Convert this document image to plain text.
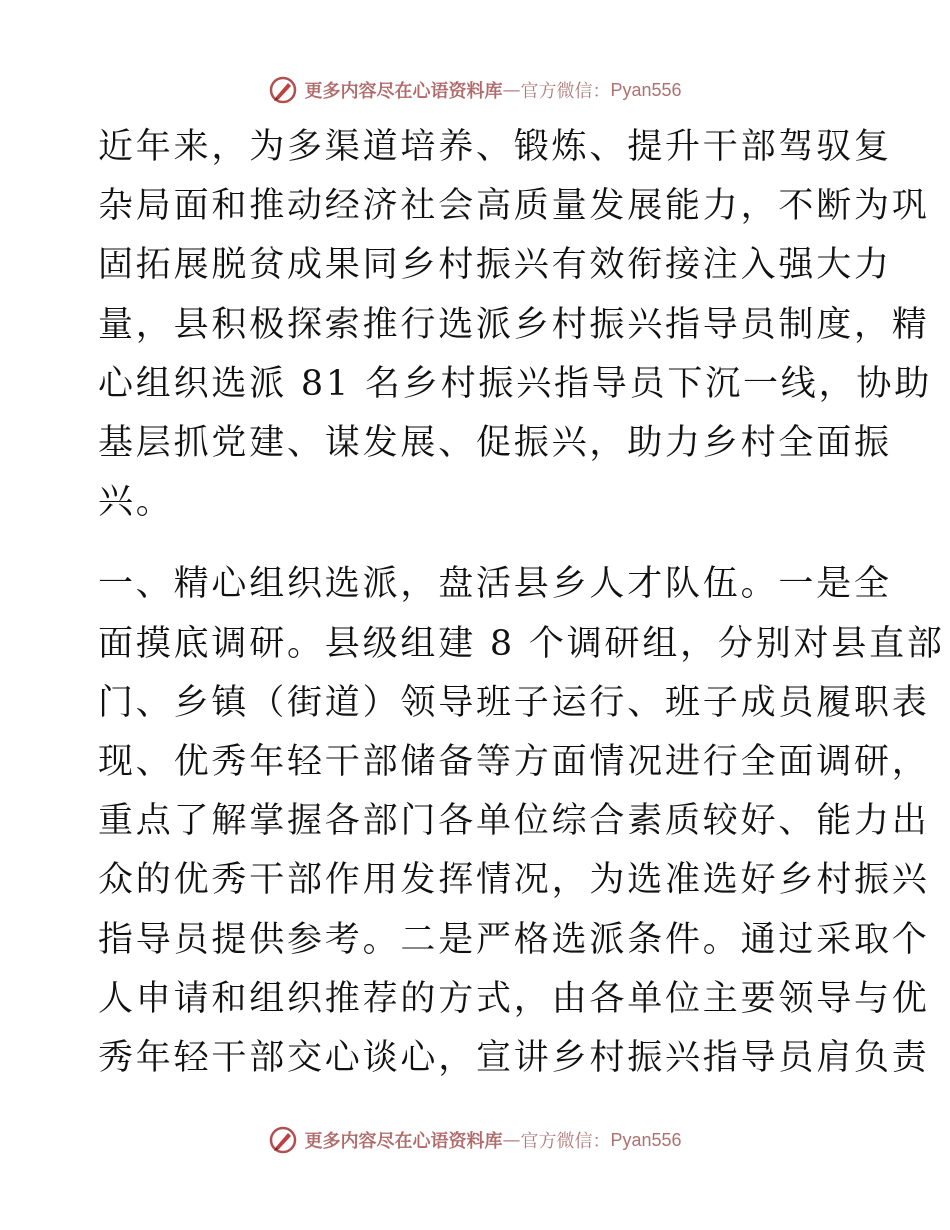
更多内容尽在心语资料库 — 官方微信： Pyan556

近年来，为多渠道培养、锻炼、提升干部驾驭复
杂局面和推动经济社会高质量发展能力，不断为巩
固拓展脱贫成果同乡村振兴有效衔接注入强大力
量，县积极探索推行选派乡村振兴指导员制度，精
心组织选派 81 名乡村振兴指导员下沉一线，协助
基层抓党建、谋发展、促振兴，助力乡村全面振
兴。

一、精心组织选派，盘活县乡人才队伍。一是全
面摸底调研。县级组建 8 个调研组，分别对县直部
门、乡镇（街道）领导班子运行、班子成员履职表
现、优秀年轻干部储备等方面情况进行全面调研，
重点了解掌握各部门各单位综合素质较好、能力出
众的优秀干部作用发挥情况，为选准选好乡村振兴
指导员提供参考。二是严格选派条件。通过采取个
人申请和组织推荐的方式，由各单位主要领导与优
秀年轻干部交心谈心，宣讲乡村振兴指导员肩负责

更多内容尽在心语资料库 — 官方微信： Pyan556
